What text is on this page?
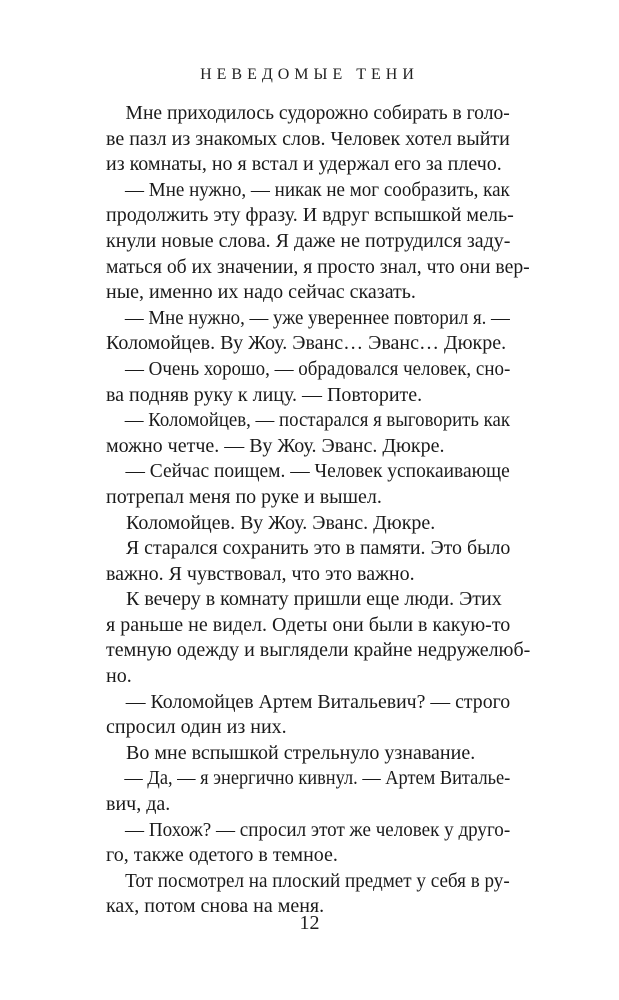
НЕВЕДОМЫЕ ТЕНИ
Мне приходилось судорожно собирать в голо-
ве пазл из знакомых слов. Человек хотел выйти
из комнаты, но я встал и удержал его за плечо.
— Мне нужно, — никак не мог сообразить, как
продолжить эту фразу. И вдруг вспышкой мель-
кнули новые слова. Я даже не потрудился заду-
маться об их значении, я просто знал, что они вер-
ные, именно их надо сейчас сказать.
— Мне нужно, — уже увереннее повторил я. —
Коломойцев. Ву Жоу. Эванс… Эванс… Дюкре.
— Очень хорошо, — обрадовался человек, сно-
ва подняв руку к лицу. — Повторите.
— Коломойцев, — постарался я выговорить как
можно четче. — Ву Жоу. Эванс. Дюкре.
— Сейчас поищем. — Человек успокаивающе
потрепал меня по руке и вышел.
Коломойцев. Ву Жоу. Эванс. Дюкре.
Я старался сохранить это в памяти. Это было
важно. Я чувствовал, что это важно.
К вечеру в комнату пришли еще люди. Этих
я раньше не видел. Одеты они были в какую-то
темную одежду и выглядели крайне недружелюб-
но.
— Коломойцев Артем Витальевич? — строго
спросил один из них.
Во мне вспышкой стрельнуло узнавание.
— Да, — я энергично кивнул. — Артем Виталье-
вич, да.
— Похож? — спросил этот же человек у друго-
го, также одетого в темное.
Тот посмотрел на плоский предмет у себя в ру-
ках, потом снова на меня.
12
